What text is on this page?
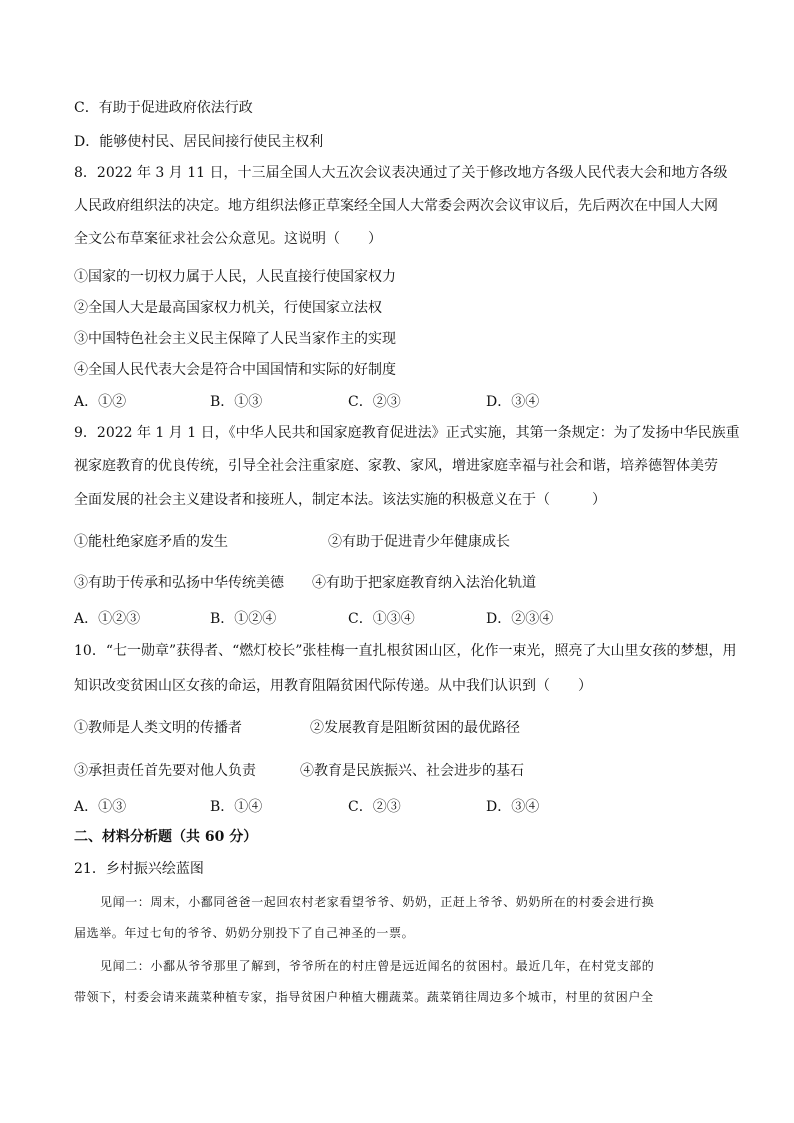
C．有助于促进政府依法行政
D．能够使村民、居民间接行使民主权利
8．2022 年 3 月 11 日，十三届全国人大五次会议表决通过了关于修改地方各级人民代表大会和地方各级
人民政府组织法的决定。地方组织法修正草案经全国人大常委会两次会议审议后，先后两次在中国人大网
全文公布草案征求社会公众意见。这说明（　　）
①国家的一切权力属于人民，人民直接行使国家权力
②全国人大是最高国家权力机关，行使国家立法权
③中国特色社会主义民主保障了人民当家作主的实现
④全国人民代表大会是符合中国国情和实际的好制度
A．①②	B．①③	C．②③	D．③④
9．2022 年 1 月 1 日，《中华人民共和国家庭教育促进法》正式实施，其第一条规定：为了发扬中华民族重
视家庭教育的优良传统，引导全社会注重家庭、家教、家风，增进家庭幸福与社会和谐，培养德智体美劳
全面发展的社会主义建设者和接班人，制定本法。该法实施的积极意义在于（　　　）
①能杜绝家庭矛盾的发生	②有助于促进青少年健康成长
③有助于传承和弘扬中华传统美德 ④有助于把家庭教育纳入法治化轨道
A．①②③	B．①②④	C．①③④	D．②③④
10．“七一勋章”获得者、“燃灯校长”张桂梅一直扎根贫困山区，化作一束光，照亮了大山里女孩的梦想，用
知识改变贫困山区女孩的命运，用教育阻隔贫困代际传递。从中我们认识到（　　）
①教师是人类文明的传播者	②发展教育是阻断贫困的最优路径
③承担责任首先要对他人负责	④教育是民族振兴、社会进步的基石
A．①③	B．①④	C．②③	D．③④
二、材料分析题（共 60 分）
21．乡村振兴绘蓝图
见闻一：周末，小鄱同爸爸一起回农村老家看望爷爷、奶奶，正赶上爷爷、奶奶所在的村委会进行换
届选举。年过七旬的爷爷、奶奶分别投下了自己神圣的一票。
见闻二：小鄱从爷爷那里了解到，爷爷所在的村庄曾是远近闻名的贫困村。最近几年，在村党支部的
带领下，村委会请来蔬菜种植专家，指导贫困户种植大棚蔬菜。蔬菜销往周边多个城市，村里的贫困户全
